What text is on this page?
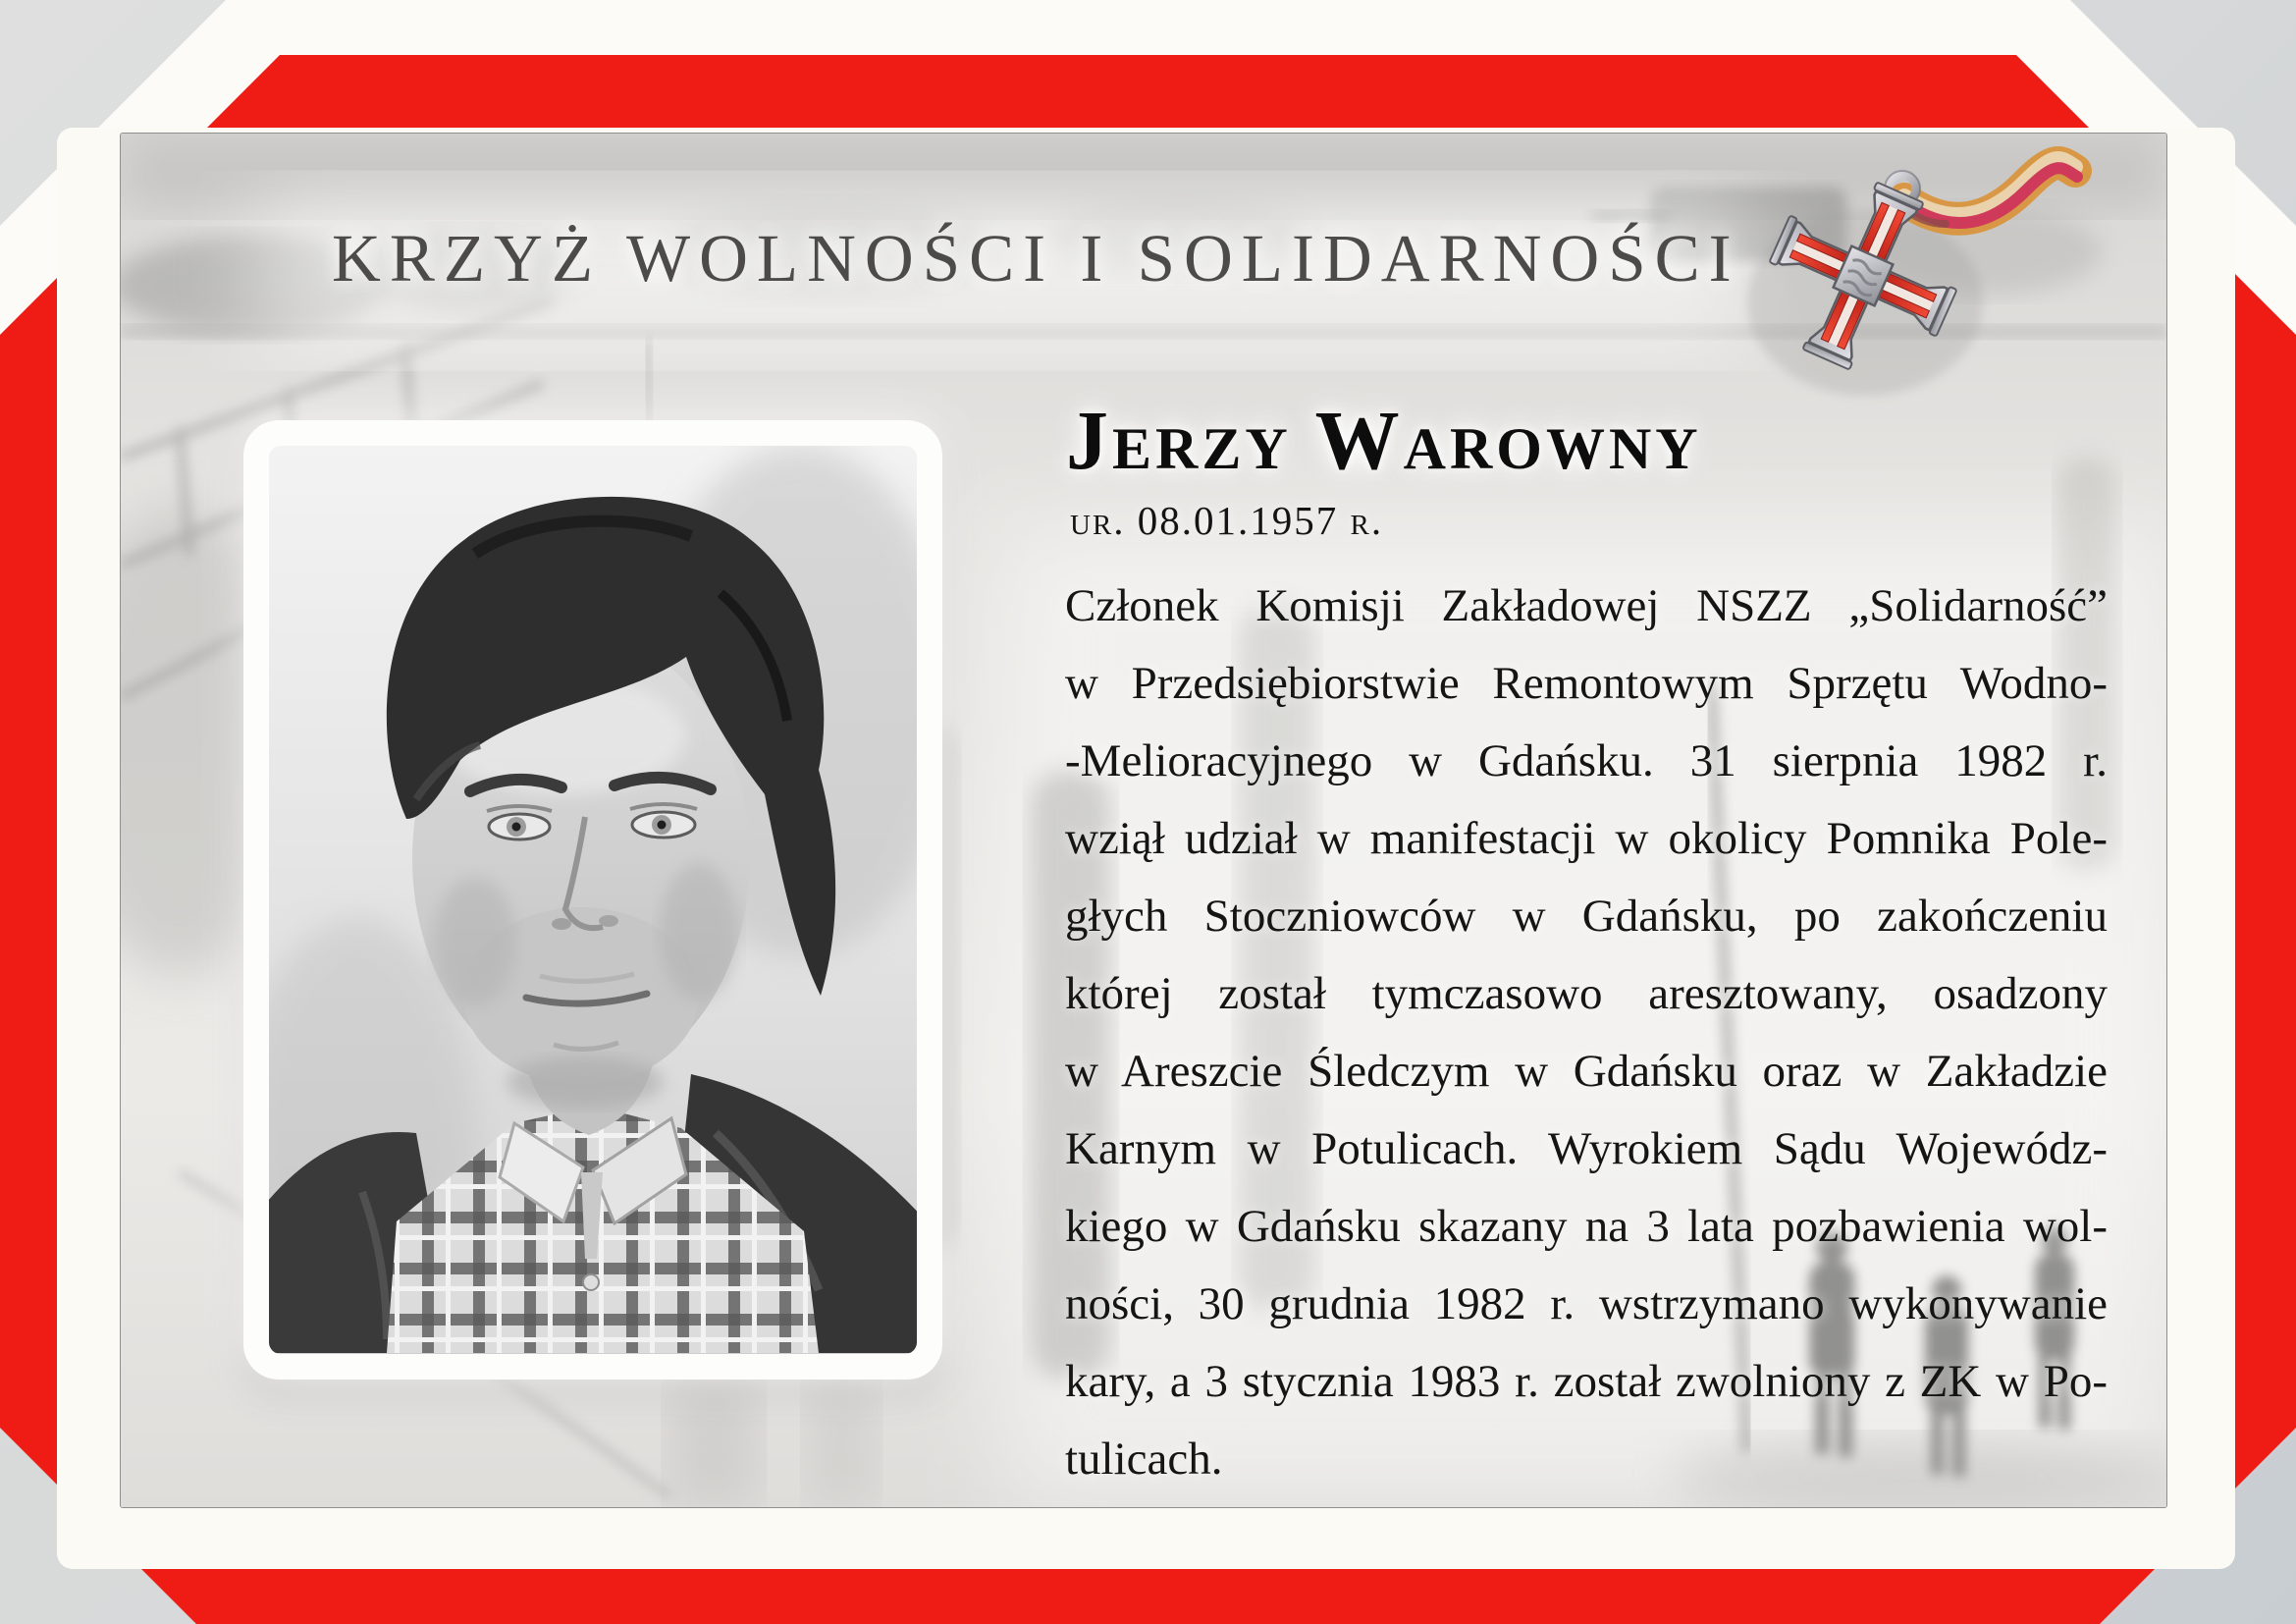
KRZYŻ WOLNOŚCI I SOLIDARNOŚCI
Jerzy Warowny
ur. 08.01.1957 r.
Członek Komisji Zakładowej NSZZ „Solidarność”
w Przedsiębiorstwie Remontowym Sprzętu Wodno-
-Melioracyjnego w Gdańsku. 31 sierpnia 1982 r.
wziął udział w manifestacji w okolicy Pomnika Pole-
głych Stoczniowców w Gdańsku, po zakończeniu
której został tymczasowo aresztowany, osadzony
w Areszcie Śledczym w Gdańsku oraz w Zakładzie
Karnym w Potulicach. Wyrokiem Sądu Wojewódz-
kiego w Gdańsku skazany na 3 lata pozbawienia wol-
ności, 30 grudnia 1982 r. wstrzymano wykonywanie
kary, a 3 stycznia 1983 r. został zwolniony z ZK w Po-
tulicach.
